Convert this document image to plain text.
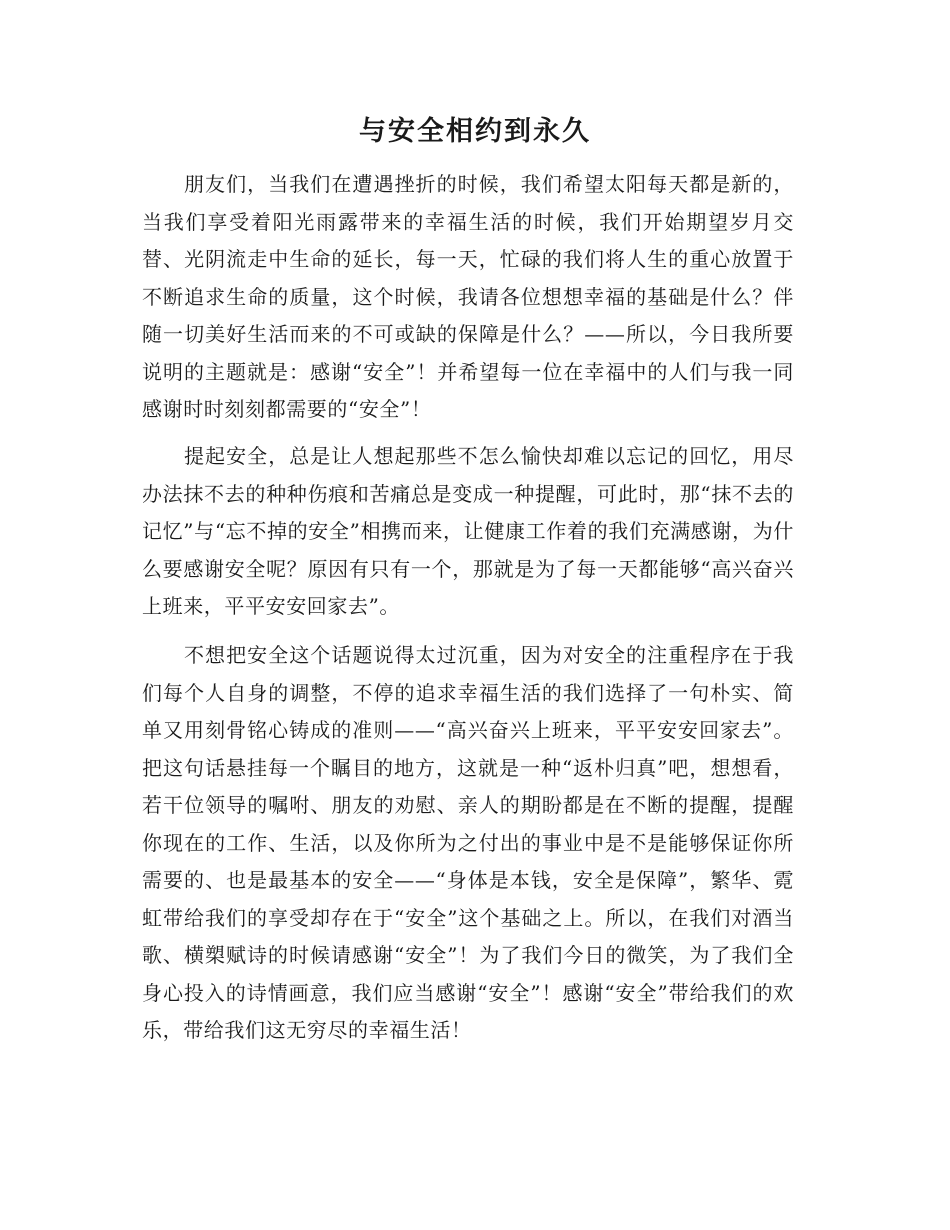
与安全相约到永久

朋友们，当我们在遭遇挫折的时候，我们希望太阳每天都是新的，当我们享受着阳光雨露带来的幸福生活的时候，我们开始期望岁月交替、光阴流走中生命的延长，每一天，忙碌的我们将人生的重心放置于不断追求生命的质量，这个时候，我请各位想想幸福的基础是什么？伴随一切美好生活而来的不可或缺的保障是什么？——所以，今日我所要说明的主题就是：感谢“安全”！并希望每一位在幸福中的人们与我一同感谢时时刻刻都需要的“安全”！

提起安全，总是让人想起那些不怎么愉快却难以忘记的回忆，用尽办法抹不去的种种伤痕和苦痛总是变成一种提醒，可此时，那“抹不去的记忆”与“忘不掉的安全”相携而来，让健康工作着的我们充满感谢，为什么要感谢安全呢？原因有只有一个，那就是为了每一天都能够“高兴奋兴上班来，平平安安回家去”。

不想把安全这个话题说得太过沉重，因为对安全的注重程序在于我们每个人自身的调整，不停的追求幸福生活的我们选择了一句朴实、简单又用刻骨铭心铸成的准则——“高兴奋兴上班来，平平安安回家去”。把这句话悬挂每一个瞩目的地方，这就是一种“返朴归真”吧，想想看，若干位领导的嘱咐、朋友的劝慰、亲人的期盼都是在不断的提醒，提醒你现在的工作、生活，以及你所为之付出的事业中是不是能够保证你所需要的、也是最基本的安全——“身体是本钱，安全是保障”，繁华、霓虹带给我们的享受却存在于“安全”这个基础之上。所以，在我们对酒当歌、横槊赋诗的时候请感谢“安全”！为了我们今日的微笑，为了我们全身心投入的诗情画意，我们应当感谢“安全”！感谢“安全”带给我们的欢乐，带给我们这无穷尽的幸福生活！
